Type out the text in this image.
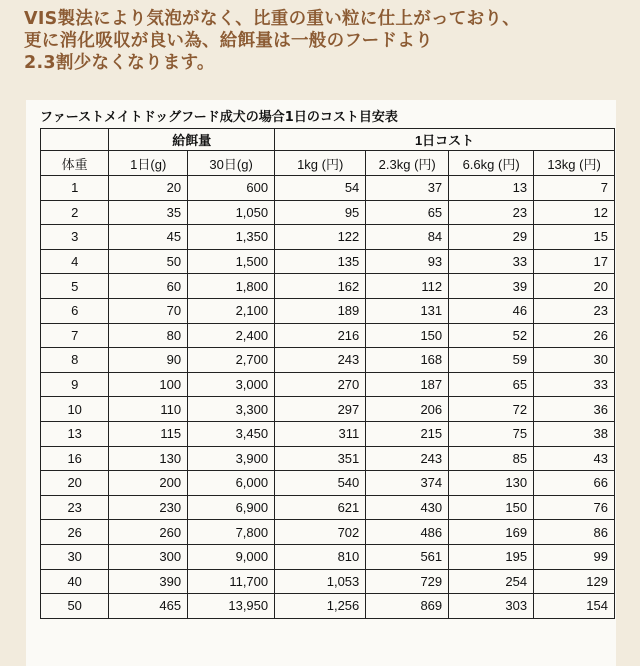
VIS製法により気泡がなく、比重の重い粒に仕上がっており、
更に消化吸収が良い為、給餌量は一般のフードより
2.3割少なくなります。
ファーストメイトドッグフード成犬の場合1日のコスト目安表
	給餌量		1日コスト			
体重	1日(g)	30日(g)	1kg (円)	2.3kg (円)	6.6kg (円)	13kg (円)
1	20	600	54	37	13	7
2	35	1,050	95	65	23	12
3	45	1,350	122	84	29	15
4	50	1,500	135	93	33	17
5	60	1,800	162	112	39	20
6	70	2,100	189	131	46	23
7	80	2,400	216	150	52	26
8	90	2,700	243	168	59	30
9	100	3,000	270	187	65	33
10	110	3,300	297	206	72	36
13	115	3,450	311	215	75	38
16	130	3,900	351	243	85	43
20	200	6,000	540	374	130	66
23	230	6,900	621	430	150	76
26	260	7,800	702	486	169	86
30	300	9,000	810	561	195	99
40	390	11,700	1,053	729	254	129
50	465	13,950	1,256	869	303	154
